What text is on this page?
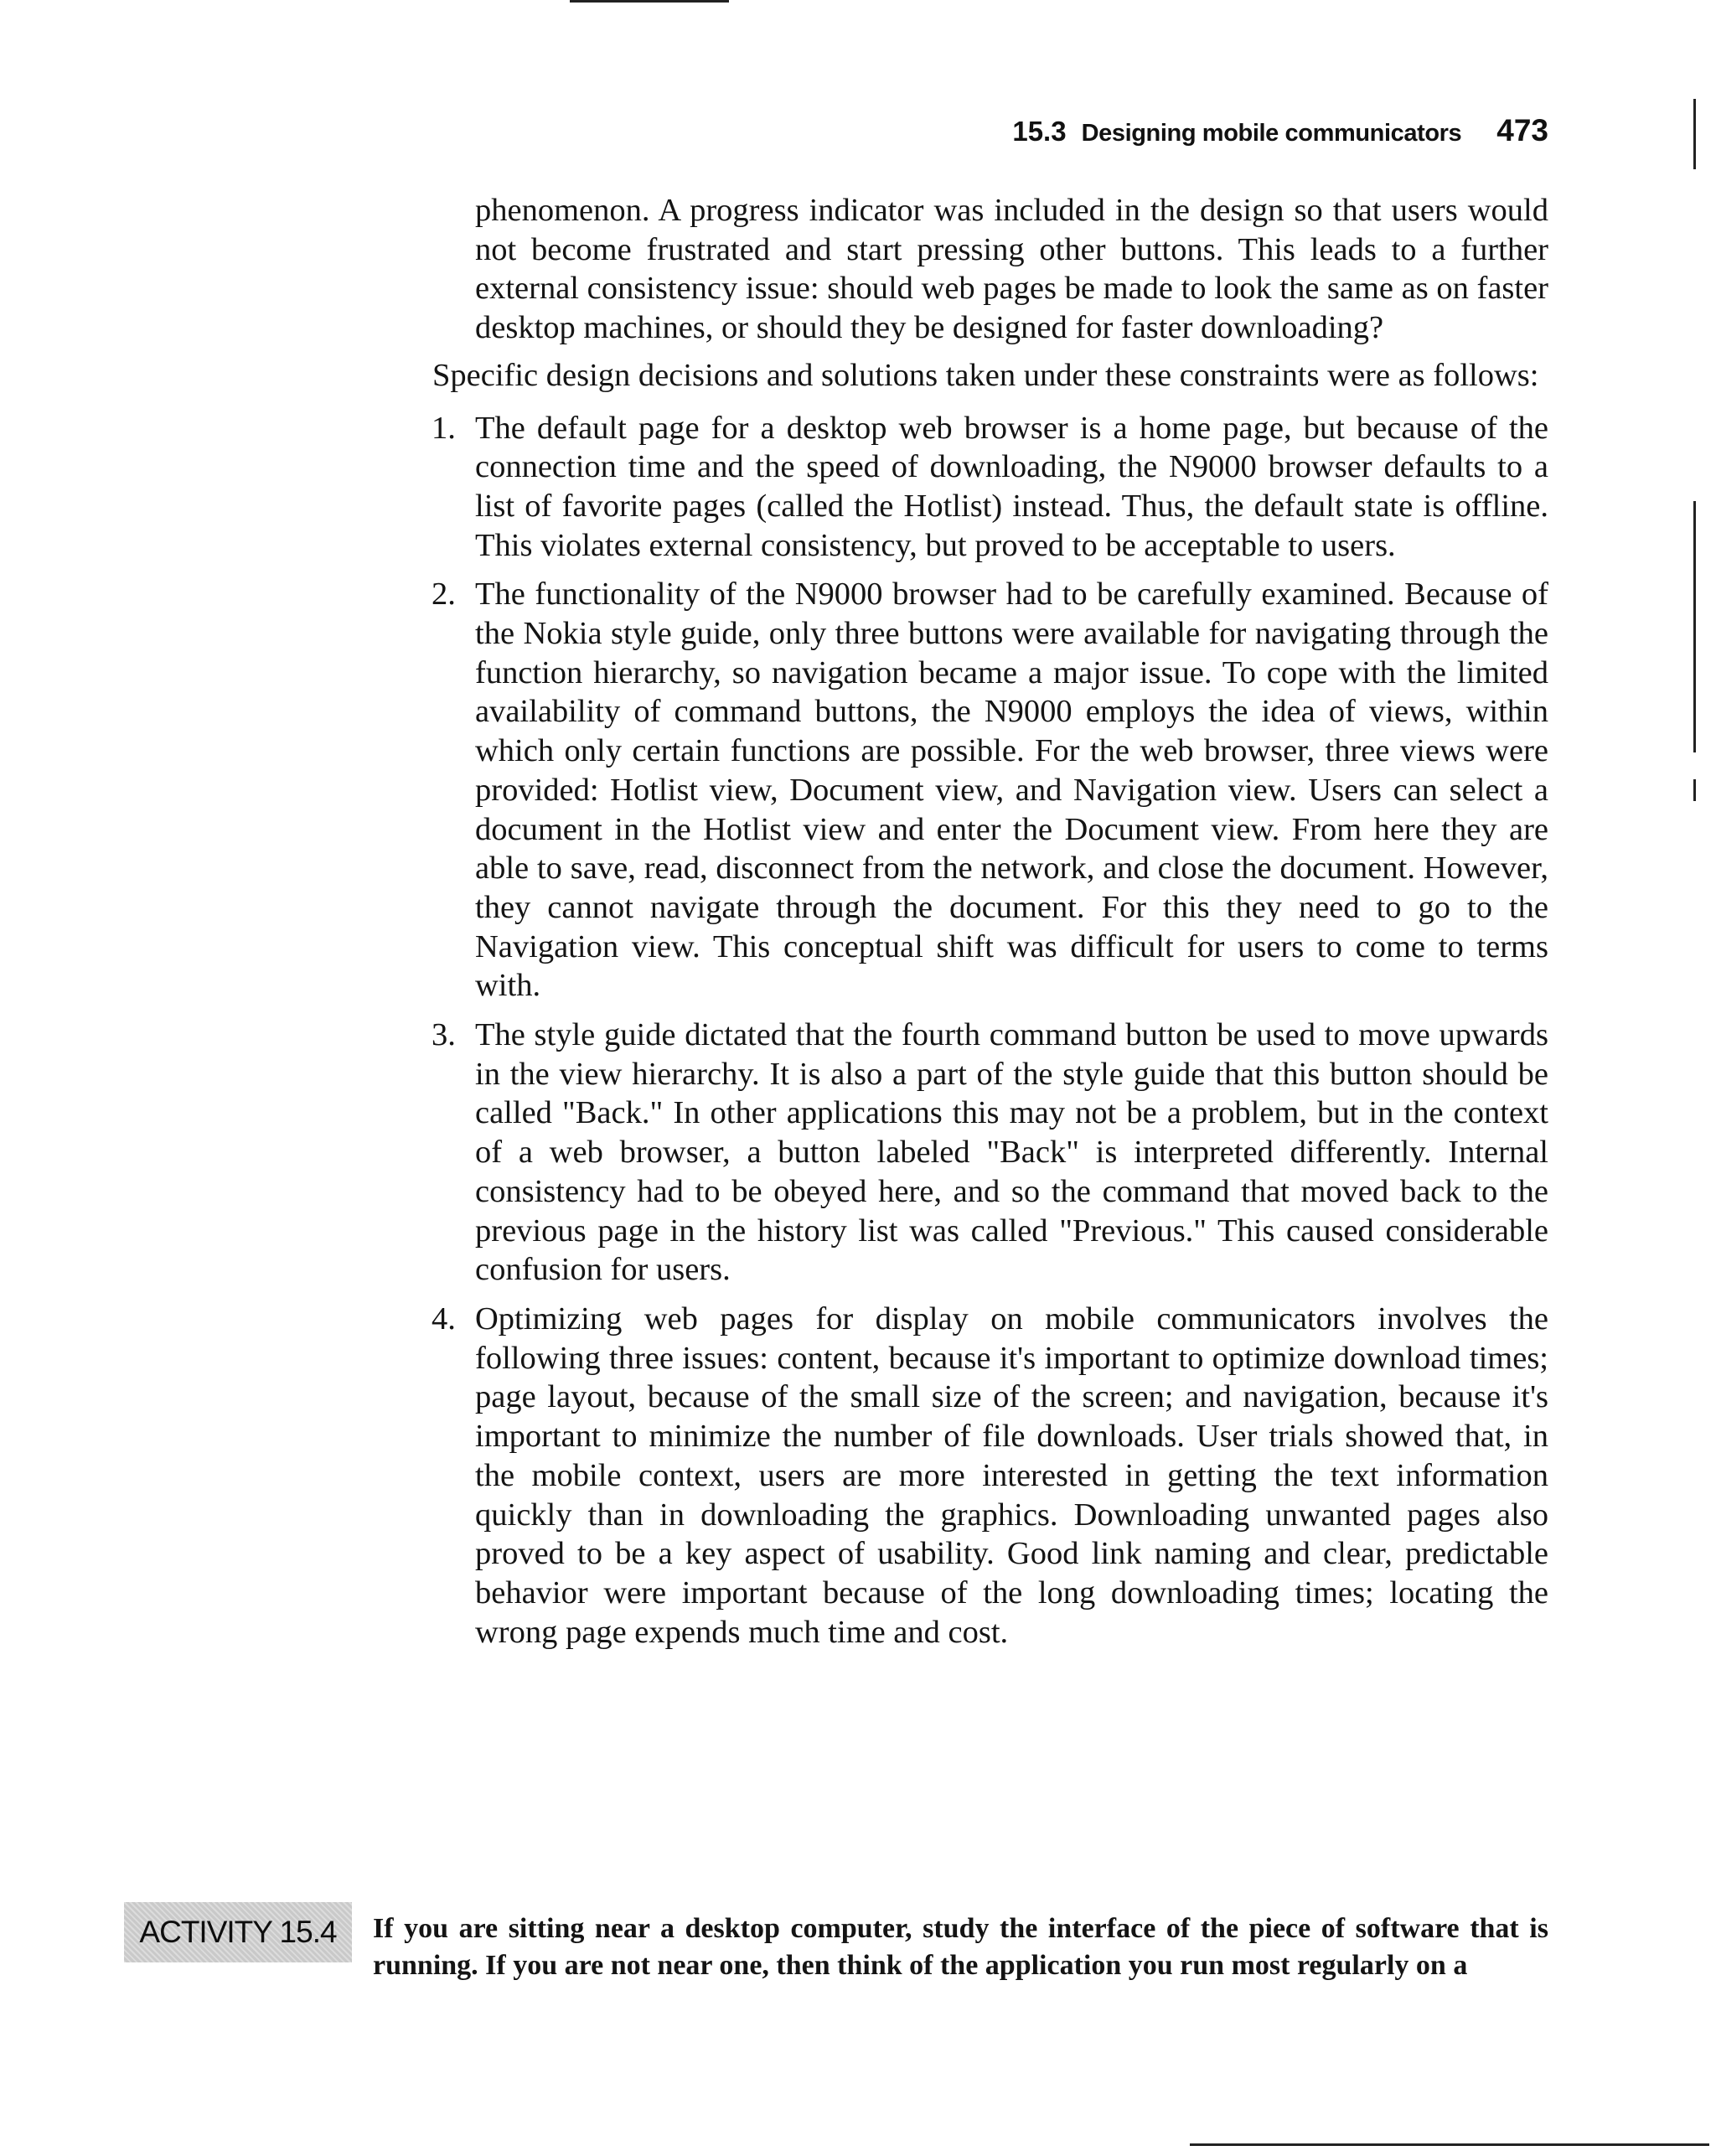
15.3 Designing mobile communicators 473

phenomenon. A progress indicator was included in the design so that users would not become frustrated and start pressing other buttons. This leads to a further external consistency issue: should web pages be made to look the same as on faster desktop machines, or should they be designed for faster downloading?

Specific design decisions and solutions taken under these constraints were as follows:

1. The default page for a desktop web browser is a home page, but because of the connection time and the speed of downloading, the N9000 browser defaults to a list of favorite pages (called the Hotlist) instead. Thus, the default state is offline. This violates external consistency, but proved to be acceptable to users.
2. The functionality of the N9000 browser had to be carefully examined. Because of the Nokia style guide, only three buttons were available for navigating through the function hierarchy, so navigation became a major issue. To cope with the limited availability of command buttons, the N9000 employs the idea of views, within which only certain functions are possible. For the web browser, three views were provided: Hotlist view, Document view, and Navigation view. Users can select a document in the Hotlist view and enter the Document view. From here they are able to save, read, disconnect from the network, and close the document. However, they cannot navigate through the document. For this they need to go to the Navigation view. This conceptual shift was difficult for users to come to terms with.
3. The style guide dictated that the fourth command button be used to move upwards in the view hierarchy. It is also a part of the style guide that this button should be called "Back." In other applications this may not be a problem, but in the context of a web browser, a button labeled "Back" is interpreted differently. Internal consistency had to be obeyed here, and so the command that moved back to the previous page in the history list was called "Previous." This caused considerable confusion for users.
4. Optimizing web pages for display on mobile communicators involves the following three issues: content, because it's important to optimize download times; page layout, because of the small size of the screen; and navigation, because it's important to minimize the number of file downloads. User trials showed that, in the mobile context, users are more interested in getting the text information quickly than in downloading the graphics. Downloading unwanted pages also proved to be a key aspect of usability. Good link naming and clear, predictable behavior were important because of the long downloading times; locating the wrong page expends much time and cost.
ACTIVITY 15.4	If you are sitting near a desktop computer, study the interface of the piece of software that is running. If you are not near one, then think of the application you run most regularly on a
